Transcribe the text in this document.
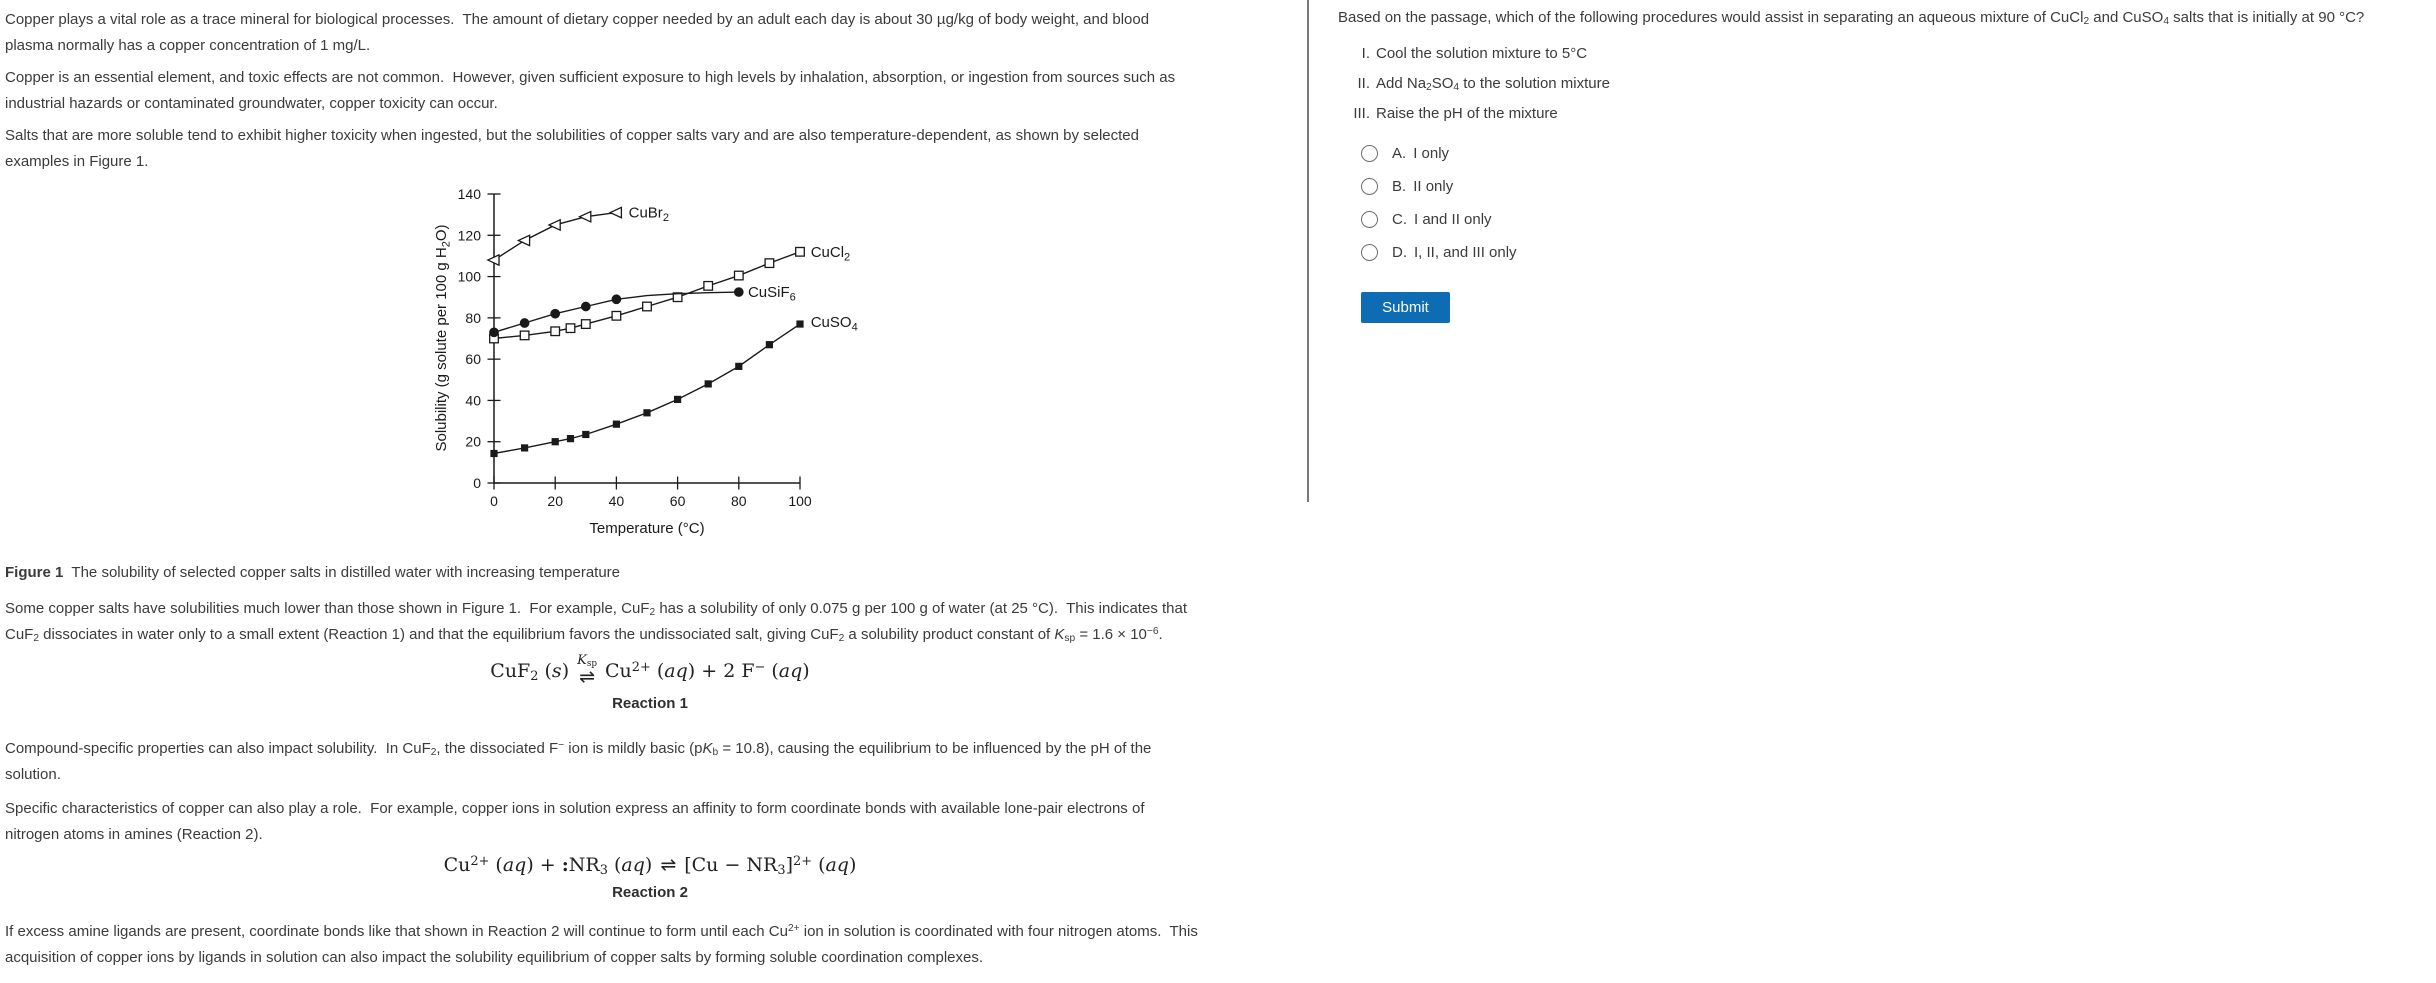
Copper plays a vital role as a trace mineral for biological processes.  The amount of dietary copper needed by an adult each day is about 30 µg/kg of body weight, and blood
plasma normally has a copper concentration of 1 mg/L.

Copper is an essential element, and toxic effects are not common.  However, given sufficient exposure to high levels by inhalation, absorption, or ingestion from sources such as
industrial hazards or contaminated groundwater, copper toxicity can occur.

Salts that are more soluble tend to exhibit higher toxicity when ingested, but the solubilities of copper salts vary and are also temperature-dependent, as shown by selected
examples in Figure 1.

0	20	40	60	80	100
0
20
40
60
80
100
120
140
Temperature (°C)
Solubility (g solute per 100 g $H_2O$)
CuBr$_2$
CuCl$_2$
CuSiF$_6$
CuSO$_4$

Figure 1  The solubility of selected copper salts in distilled water with increasing temperature

Some copper salts have solubilities much lower than those shown in Figure 1.  For example, CuF2 has a solubility of only 0.075 g per 100 g of water (at 25 °C).  This indicates that
CuF2 dissociates in water only to a small extent (Reaction 1) and that the equilibrium favors the undissociated salt, giving CuF2 a solubility product constant of Ksp = $1.6 \times 10^{-6}$.

CuF2 (s) Ksp
⇌ $Cu^{2+}$ (aq) + 2 F− (aq)
Reaction 1

Compound-specific properties can also impact solubility.  In CuF2, the dissociated F− ion is mildly basic (pKb = 10.8), causing the equilibrium to be influenced by the pH of the
solution.

Specific characteristics of copper can also play a role.  For example, copper ions in solution express an affinity to form coordinate bonds with available lone-pair electrons of
nitrogen atoms in amines (Reaction 2).

$Cu^{2+}$ (aq) + :NR3 (aq) ⇌ $[Cu - NR3]^{2+}$ (aq)
Reaction 2

If excess amine ligands are present, coordinate bonds like that shown in Reaction 2 will continue to form until each $Cu^{2+}$ ion in solution is coordinated with four nitrogen atoms.  This
acquisition of copper ions by ligands in solution can also impact the solubility equilibrium of copper salts by forming soluble coordination complexes.

Based on the passage, which of the following procedures would assist in separating an aqueous mixture of CuCl2 and CuSO4 salts that is initially at 90 °C?
I. Cool the solution mixture to 5°C
II. Add Na2SO4 to the solution mixture
III. Raise the pH of the mixture
A. I only
B. II only
C. I and II only
D. I, II, and III only
Submit
